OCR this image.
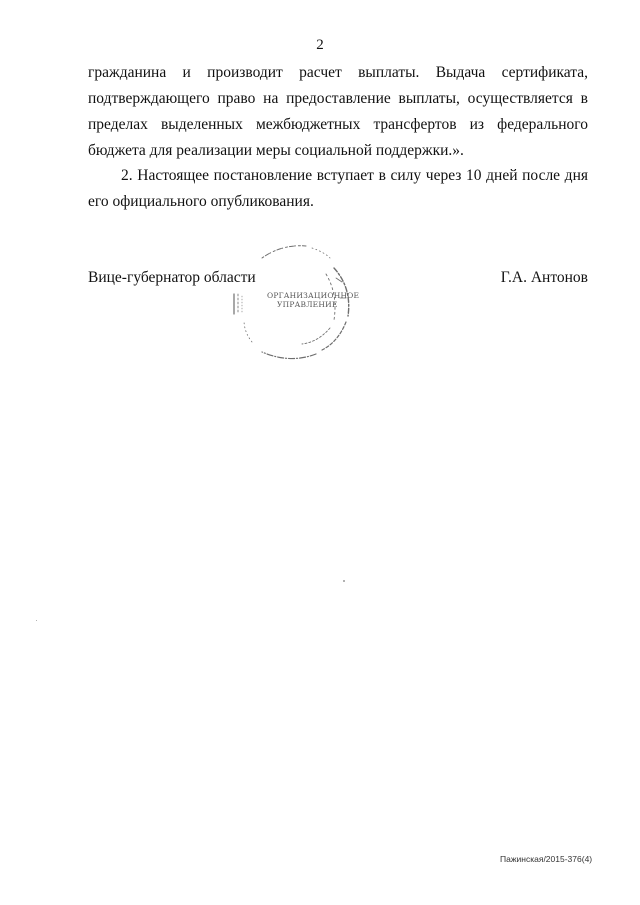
2
гражданина и производит расчет выплаты. Выдача сертификата,
подтверждающего право на предоставление выплаты, осуществляется в
пределах выделенных межбюджетных трансфертов из федерального
бюджета для реализации меры социальной поддержки.».
2. Настоящее постановление вступает в силу через 10 дней после дня
его официального опубликования.
Вице-губернатор области	Г.А. Антонов
ОРГАНИЗАЦИОННОЕ
УПРАВЛЕНИЕ
Пажинская/2015-376(4)
